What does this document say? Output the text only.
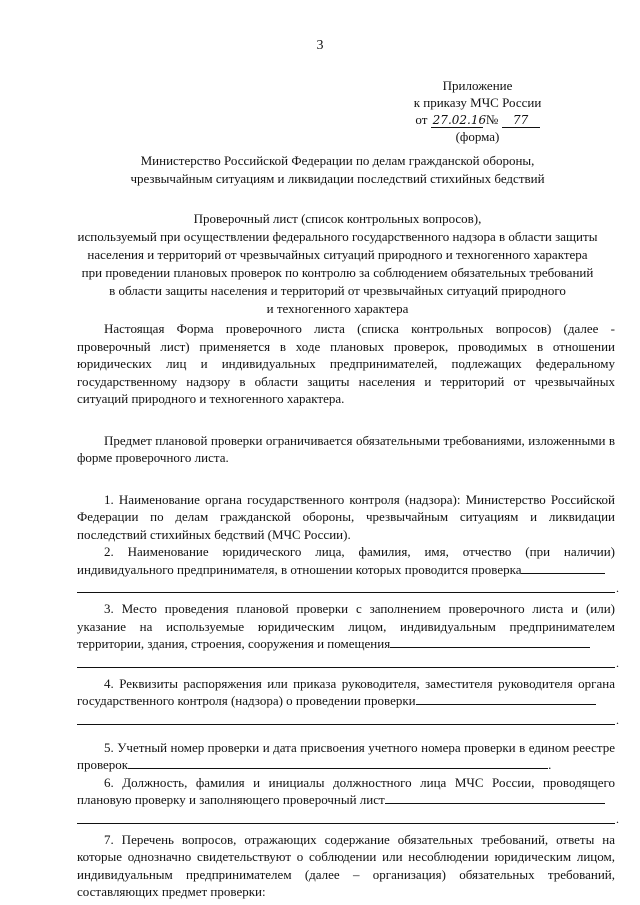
3
Приложение
к приказу МЧС России
от 27.02.16 № 77
(форма)
Министерство Российской Федерации по делам гражданской обороны,
чрезвычайным ситуациям и ликвидации последствий стихийных бедствий
Проверочный лист (список контрольных вопросов),
используемый при осуществлении федерального государственного надзора в области защиты
населения и территорий от чрезвычайных ситуаций природного и техногенного характера
при проведении плановых проверок по контролю за соблюдением обязательных требований
в области защиты населения и территорий от чрезвычайных ситуаций природного
и техногенного характера

Настоящая Форма проверочного листа (списка контрольных вопросов) (далее - проверочный лист) применяется в ходе плановых проверок, проводимых в отношении юридических лиц и индивидуальных предпринимателей, подлежащих федеральному государственному надзору в области защиты населения и территорий от чрезвычайных ситуаций природного и техногенного характера.

Предмет плановой проверки ограничивается обязательными требованиями, изложенными в форме проверочного листа.

1. Наименование органа государственного контроля (надзора): Министерство Российской Федерации по делам гражданской обороны, чрезвычайным ситуациям и ликвидации последствий стихийных бедствий (МЧС России).

2. Наименование юридического лица, фамилия, имя, отчество (при наличии) индивидуального предпринимателя, в отношении которых проводится проверка

.

3. Место проведения плановой проверки с заполнением проверочного листа и (или) указание на используемые юридическим лицом, индивидуальным предпринимателем территории, здания, строения, сооружения и помещения

.

4. Реквизиты распоряжения или приказа руководителя, заместителя руководителя органа государственного контроля (надзора) о проведении проверки

.

5. Учетный номер проверки и дата присвоения учетного номера проверки в едином реестре проверок	.

6. Должность, фамилия и инициалы должностного лица МЧС России, проводящего плановую проверку и заполняющего проверочный лист

.

7. Перечень вопросов, отражающих содержание обязательных требований, ответы на которые однозначно свидетельствуют о соблюдении или несоблюдении юридическим лицом, индивидуальным предпринимателем (далее – организация) обязательных требований, составляющих предмет проверки:
